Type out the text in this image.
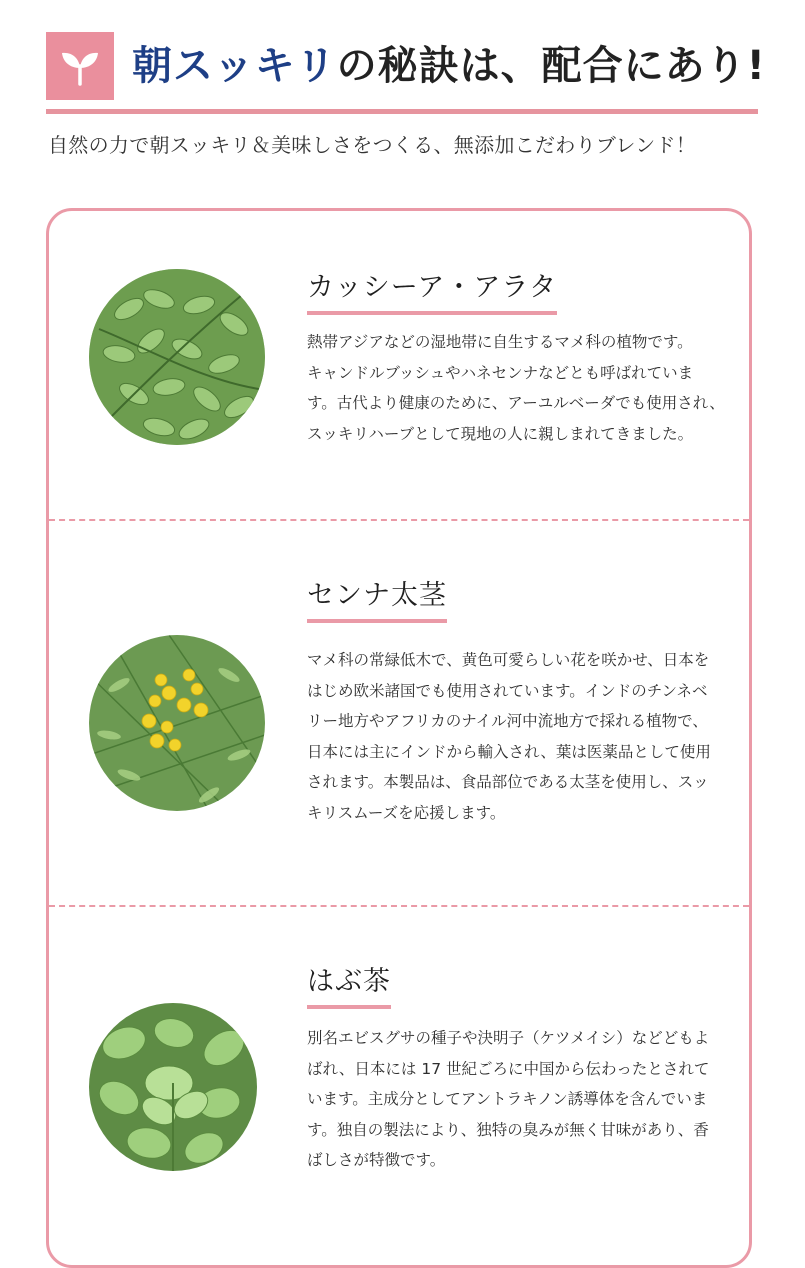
朝スッキリの秘訣は、配合にあり!

自然の力で朝スッキリ＆美味しさをつくる、無添加こだわりブレンド！

カッシーア・アラタ
熱帯アジアなどの湿地帯に自生するマメ科の植物です。
キャンドルブッシュやハネセンナなどとも呼ばれていま
す。古代より健康のために、アーユルベーダでも使用され、
スッキリハーブとして現地の人に親しまれてきました。
センナ太茎
マメ科の常緑低木で、黄色可愛らしい花を咲かせ、日本を
はじめ欧米諸国でも使用されています。インドのチンネベ
リー地方やアフリカのナイル河中流地方で採れる植物で、
日本には主にインドから輸入され、葉は医薬品として使用
されます。本製品は、食品部位である太茎を使用し、スッ
キリスムーズを応援します。
はぶ茶
別名エビスグサの種子や決明子（ケツメイシ）などどもよ
ばれ、日本には 17 世紀ごろに中国から伝わったとされて
います。主成分としてアントラキノン誘導体を含んでいま
す。独自の製法により、独特の臭みが無く甘味があり、香
ばしさが特徴です。
